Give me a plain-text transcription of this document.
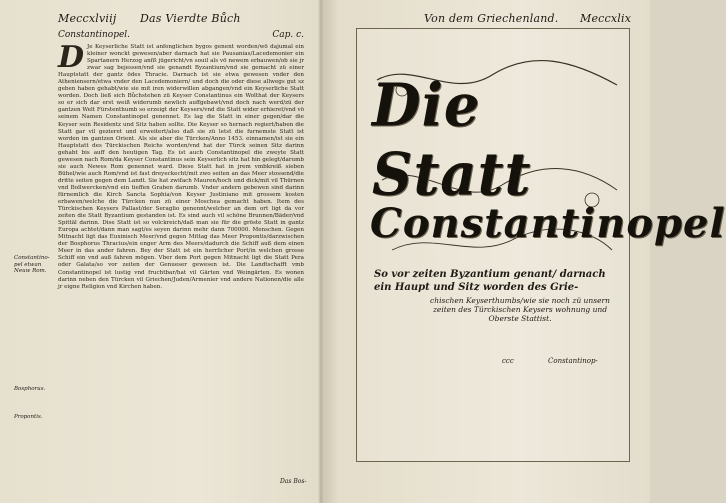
Meccxlviij Das Vierdte Bůch	Von dem Griechenland. Meccxlix
Constantinopel.	Cap. c.
D Je Keyserliche Statt ist anfenglichen bygos genent worden/wö dajumal ein kleiner wonckt gewesen/aber darnach hat sie Pausanias/Lacedemonier ein Spartanern Herzog anfß jügericht/vn souil als vö newem erbauwen/ob sie jr zwar sag bejessen/vnd sie genandt Byzantium/vnd sie gemacht zü einer Hauptstatt der gantz ödes Thracie. Darnach ist sie etwa gewesen vnder den Atheniensern/etwa vnder den Lacedemoniern/ und doch die oder diese allwegs gut sz geben haben gehabt/wie sie mit iren widerwillen abgangen/vnd ein Keyserliche Statt worden. Doch ließ sich Bůchstehen zü Keyser Constantinus ein Wolthat der Keysers so er sich dar erst weiß widerumb newlich auffgebawt/vnd doch nach werd/zü der gantzen Welt Fürstenthumb so erzeigt der Keysers/vnd die Statt wider erhieret/vnd vö seinem Namen Constantinopel genennet. Es lag die Statt in einer gegen/dar die Keyser sein Residentz und Sitz haben sollte. Die Keyser so hernach regiert/haben die Statt gar vil gezieret und erweitert/also daß sie zü letst die furnemste Statt ist worden im gantzen Orient. Als sie aber die Türcken/Anno 1453. einnamen/ist sie ein Hauptstatt des Türckischen Reichs worden/vnd hat der Türck seinen Sitz darinn gehabt bis auff den heutigen Tag. Es ist auch Constantinopel die zweyte Statt gewesen nach Rom/da Keyser Constantinus sein Keyserlich sitz hat hin gelegt/darumb sie auch Newes Rom genennet ward. Diese Statt hat in jrem vmbkreiß sieben Bühel/wie auch Rom/vnd ist fast dreyeckecht/mit zwo seiten an das Meer stossend/die dritte seiten gegen dem Landt. Sie hat zwifach Mauren/hoch und dick/mit vil Thürnen vnd Bollwercken/vnd ein tieffen Graben darumb. Vnder andern gebewen sind darinn fürnemlich die Kirch Sancta Sophia/von Keyser Justiniano mit grossem kosten erbawen/welche die Türcken nun zü einer Moschea gemacht haben. Item des Türckischen Keysers Pallast/der Seraglio genennt/welcher an dem ort ligt da vor zeiten die Statt Byzantium gestanden ist. Es sind auch vil schöne Brunnen/Bäder/vnd Spittäl darinn. Dise Statt ist so volckreich/daß man sie für die gröste Statt in gantz Europa achtet/dann man sagt/es seyen darinn mehr dann 700000. Menschen. Gegen Mitnacht ligt das Euxinisch Meer/vnd gegen Mittag das Meer Propontis/darzwischen der Bosphorus Thracius/ein enger Arm des Meers/dadurch die Schiff auß dem einen Meer in das ander fahren. Bey der Statt ist ein herrlicher Port/in welchen grosse Schiff ein vnd auß fahren mögen. Vber dem Port gegen Mitnacht ligt die Statt Pera oder Galata/so vor zeiten der Genueser gewesen ist. Die Landtschafft vmb Constantinopel ist lustig vnd fruchtbar/hat vil Gärten vnd Weingärten. Es wonen darinn neben den Türcken vil Griechen/Juden/Armenier vnd andere Nationen/die alle jr eigne Religion vnd Kirchen haben.
Constantino-pel etwan Neuw Rom.
Bosphorus.
Propontis.
Das Bos-
Die Statt
Constantinopel
So vor zeiten Byzantium genant/ darnach ein Haupt und Sitz worden des Grie-
chischen Keyserthumbs/wie sie noch zü unsern zeiten des Türckischen Keysers wohnung und Oberste Stattist.
ccc	Constantinop-
